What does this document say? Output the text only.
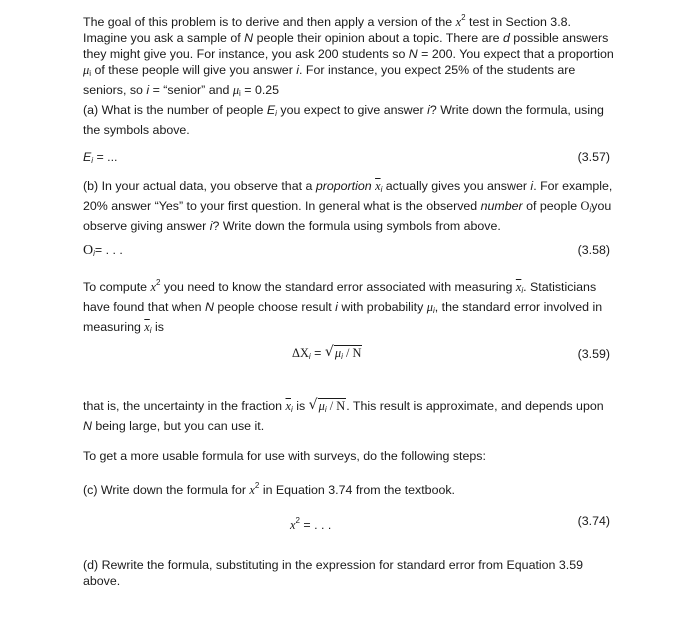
The goal of this problem is to derive and then apply a version of the $x^2$ test in Section 3.8. Imagine you ask a sample of N people their opinion about a topic. There are d possible answers they might give you. For instance, you ask 200 students so N = 200. You expect that a proportion $\mu_i$ of these people will give you answer i. For instance, you expect 25% of the students are seniors, so i = “senior” and $\mu_i = 0.25$
(a) What is the number of people $E_i$ you expect to give answer i? Write down the formula, using the symbols above.
$E_i$ = ...	(3.57)
(b) In your actual data, you observe that a proportion $\overline{x}_i$ actually gives you answer i. For example, 20% answer “Yes” to your first question. In general what is the observed number of people $O_iyou$ observe giving answer i? Write down the formula using symbols from above.
$O_i=$ . . .	(3.58)
To compute $x^2$ you need to know the standard error associated with measuring $\overline{x}_i$. Statisticians have found that when N people choose result i with probability $\mu_i$, the standard error involved in measuring $\overline{x}_i$ is
$\Delta X_i$ = √ $\mu_i$ / N	(3.59)
that is, the uncertainty in the fraction $\overline{x}_i$ is √ $\mu_i$ / N. This result is approximate, and depends upon N being large, but you can use it.
To get a more usable formula for use with surveys, do the following steps:
(c) Write down the formula for $x^2$ in Equation 3.74 from the textbook.
$x^2$ = . . .	(3.74)
(d) Rewrite the formula, substituting in the expression for standard error from Equation 3.59 above.
